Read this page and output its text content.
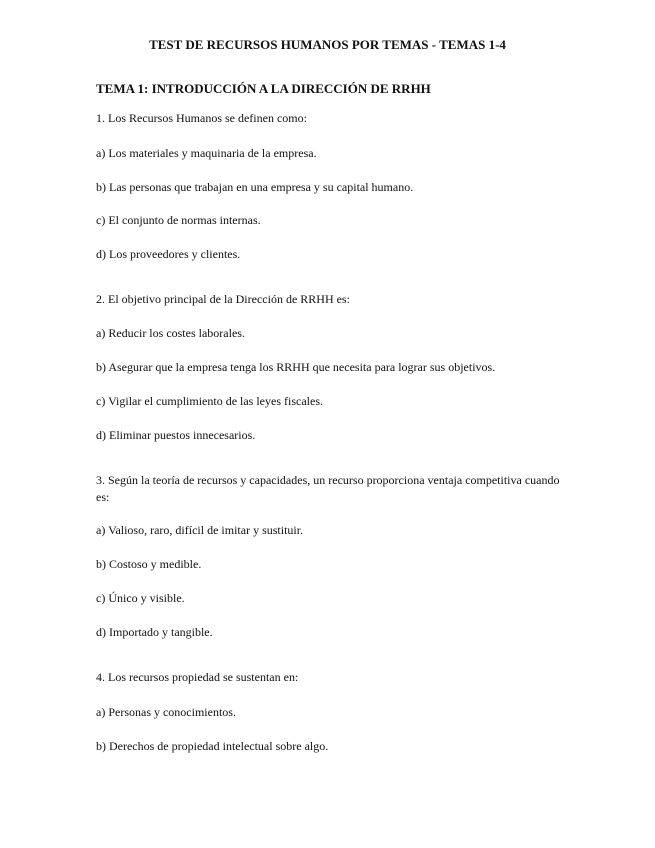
TEST DE RECURSOS HUMANOS POR TEMAS - TEMAS 1-4
TEMA 1: INTRODUCCIÓN A LA DIRECCIÓN DE RRHH

1. Los Recursos Humanos se definen como:

a) Los materiales y maquinaria de la empresa.

b) Las personas que trabajan en una empresa y su capital humano.

c) El conjunto de normas internas.

d) Los proveedores y clientes.

2. El objetivo principal de la Dirección de RRHH es:

a) Reducir los costes laborales.

b) Asegurar que la empresa tenga los RRHH que necesita para lograr sus objetivos.

c) Vigilar el cumplimiento de las leyes fiscales.

d) Eliminar puestos innecesarios.

3. Según la teoría de recursos y capacidades, un recurso proporciona ventaja competitiva cuando es:

a) Valioso, raro, difícil de imitar y sustituir.

b) Costoso y medible.

c) Único y visible.

d) Importado y tangible.

4. Los recursos propiedad se sustentan en:

a) Personas y conocimientos.

b) Derechos de propiedad intelectual sobre algo.
